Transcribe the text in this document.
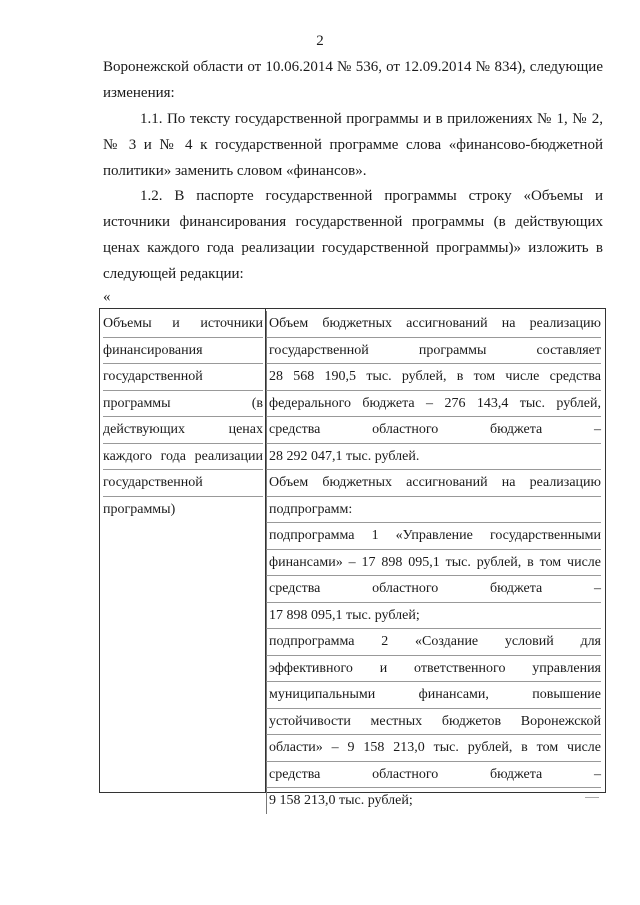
2
Воронежской области от 10.06.2014 № 536, от 12.09.2014 № 834), следующие
изменения:
1.1. По тексту государственной программы и в приложениях № 1, № 2,
№ 3 и № 4 к государственной программе слова «финансово-бюджетной
политики» заменить словом «финансов».
1.2. В паспорте государственной программы строку «Объемы и
источники финансирования государственной программы (в действующих
ценах каждого года реализации государственной программы)» изложить в
следующей редакции:
«
Объемы и источники
финансирования
государственной
программы (в
действующих ценах
каждого года реализации
государственной
программы)
Объем бюджетных ассигнований на реализацию
государственной программы составляет
28 568 190,5 тыс. рублей, в том числе средства
федерального бюджета – 276 143,4 тыс. рублей,
средства областного бюджета –
28 292 047,1 тыс. рублей.
Объем бюджетных ассигнований на реализацию
подпрограмм:
подпрограмма 1 «Управление государственными
финансами» – 17 898 095,1 тыс. рублей, в том числе
средства областного бюджета –
17 898 095,1 тыс. рублей;
подпрограмма 2 «Создание условий для
эффективного и ответственного управления
муниципальными финансами, повышение
устойчивости местных бюджетов Воронежской
области» – 9 158 213,0 тыс. рублей, в том числе
средства областного бюджета –
9 158 213,0 тыс. рублей;
